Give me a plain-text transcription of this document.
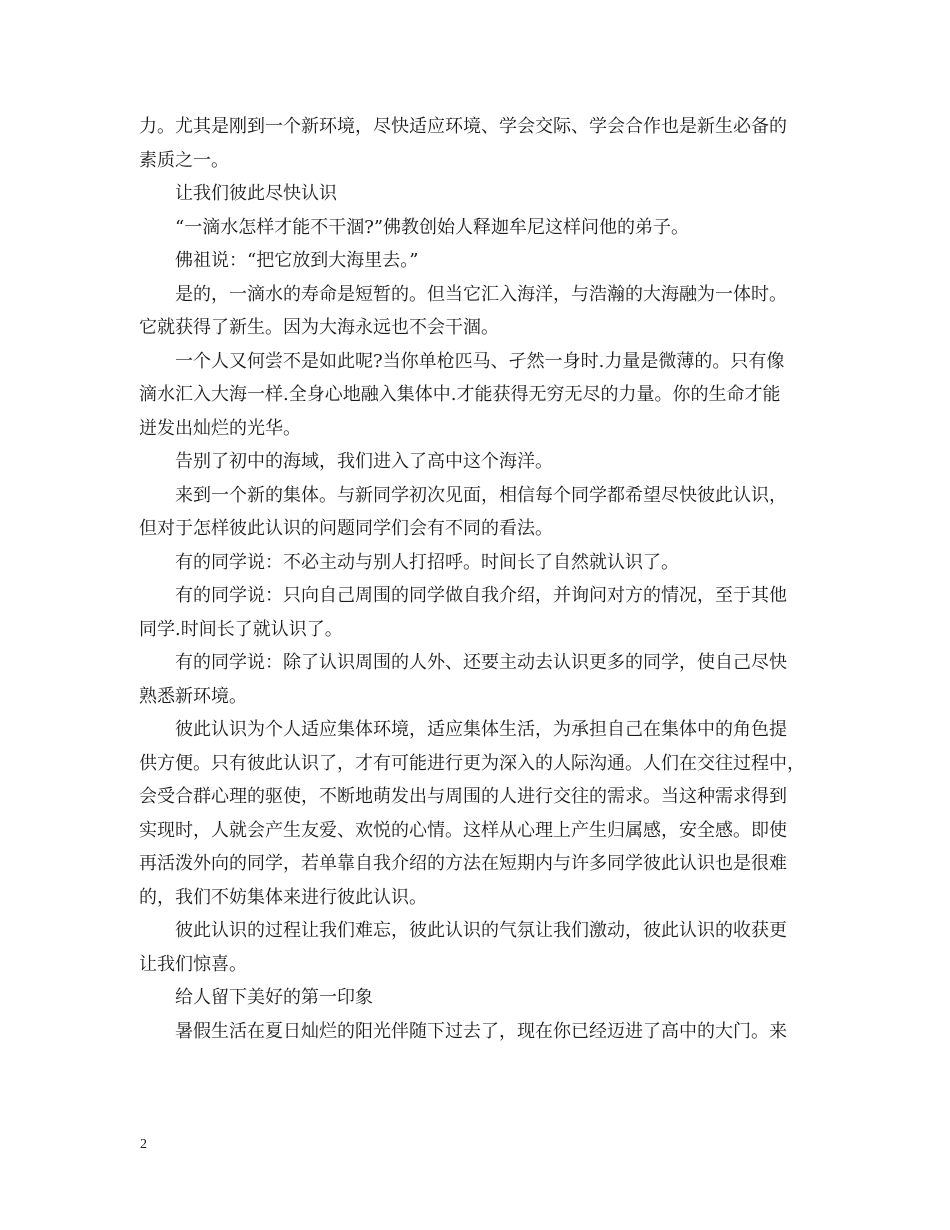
力。尤其是刚到一个新环境，尽快适应环境、学会交际、学会合作也是新生必备的
素质之一。
让我们彼此尽快认识
“一滴水怎样才能不干涸?”佛教创始人释迦牟尼这样问他的弟子。
佛祖说：“把它放到大海里去。”
是的，一滴水的寿命是短暂的。但当它汇入海洋，与浩瀚的大海融为一体时。
它就获得了新生。因为大海永远也不会干涸。
一个人又何尝不是如此呢?当你单枪匹马、孑然一身时.力量是微薄的。只有像
滴水汇入大海一样.全身心地融入集体中.才能获得无穷无尽的力量。你的生命才能
迸发出灿烂的光华。
告别了初中的海域，我们进入了高中这个海洋。
来到一个新的集体。与新同学初次见面，相信每个同学都希望尽快彼此认识，
但对于怎样彼此认识的问题同学们会有不同的看法。
有的同学说：不必主动与别人打招呼。时间长了自然就认识了。
有的同学说：只向自己周围的同学做自我介绍，并询问对方的情况，至于其他
同学.时间长了就认识了。
有的同学说：除了认识周围的人外、还要主动去认识更多的同学，使自己尽快
熟悉新环境。
彼此认识为个人适应集体环境，适应集体生活，为承担自己在集体中的角色提
供方便。只有彼此认识了，才有可能进行更为深入的人际沟通。人们在交往过程中，
会受合群心理的驱使，不断地萌发出与周围的人进行交往的需求。当这种需求得到
实现时，人就会产生友爱、欢悦的心情。这样从心理上产生归属感，安全感。即使
再活泼外向的同学，若单靠自我介绍的方法在短期内与许多同学彼此认识也是很难
的，我们不妨集体来进行彼此认识。
彼此认识的过程让我们难忘，彼此认识的气氛让我们激动，彼此认识的收获更
让我们惊喜。
给人留下美好的第一印象
暑假生活在夏日灿烂的阳光伴随下过去了，现在你已经迈进了高中的大门。来
2
